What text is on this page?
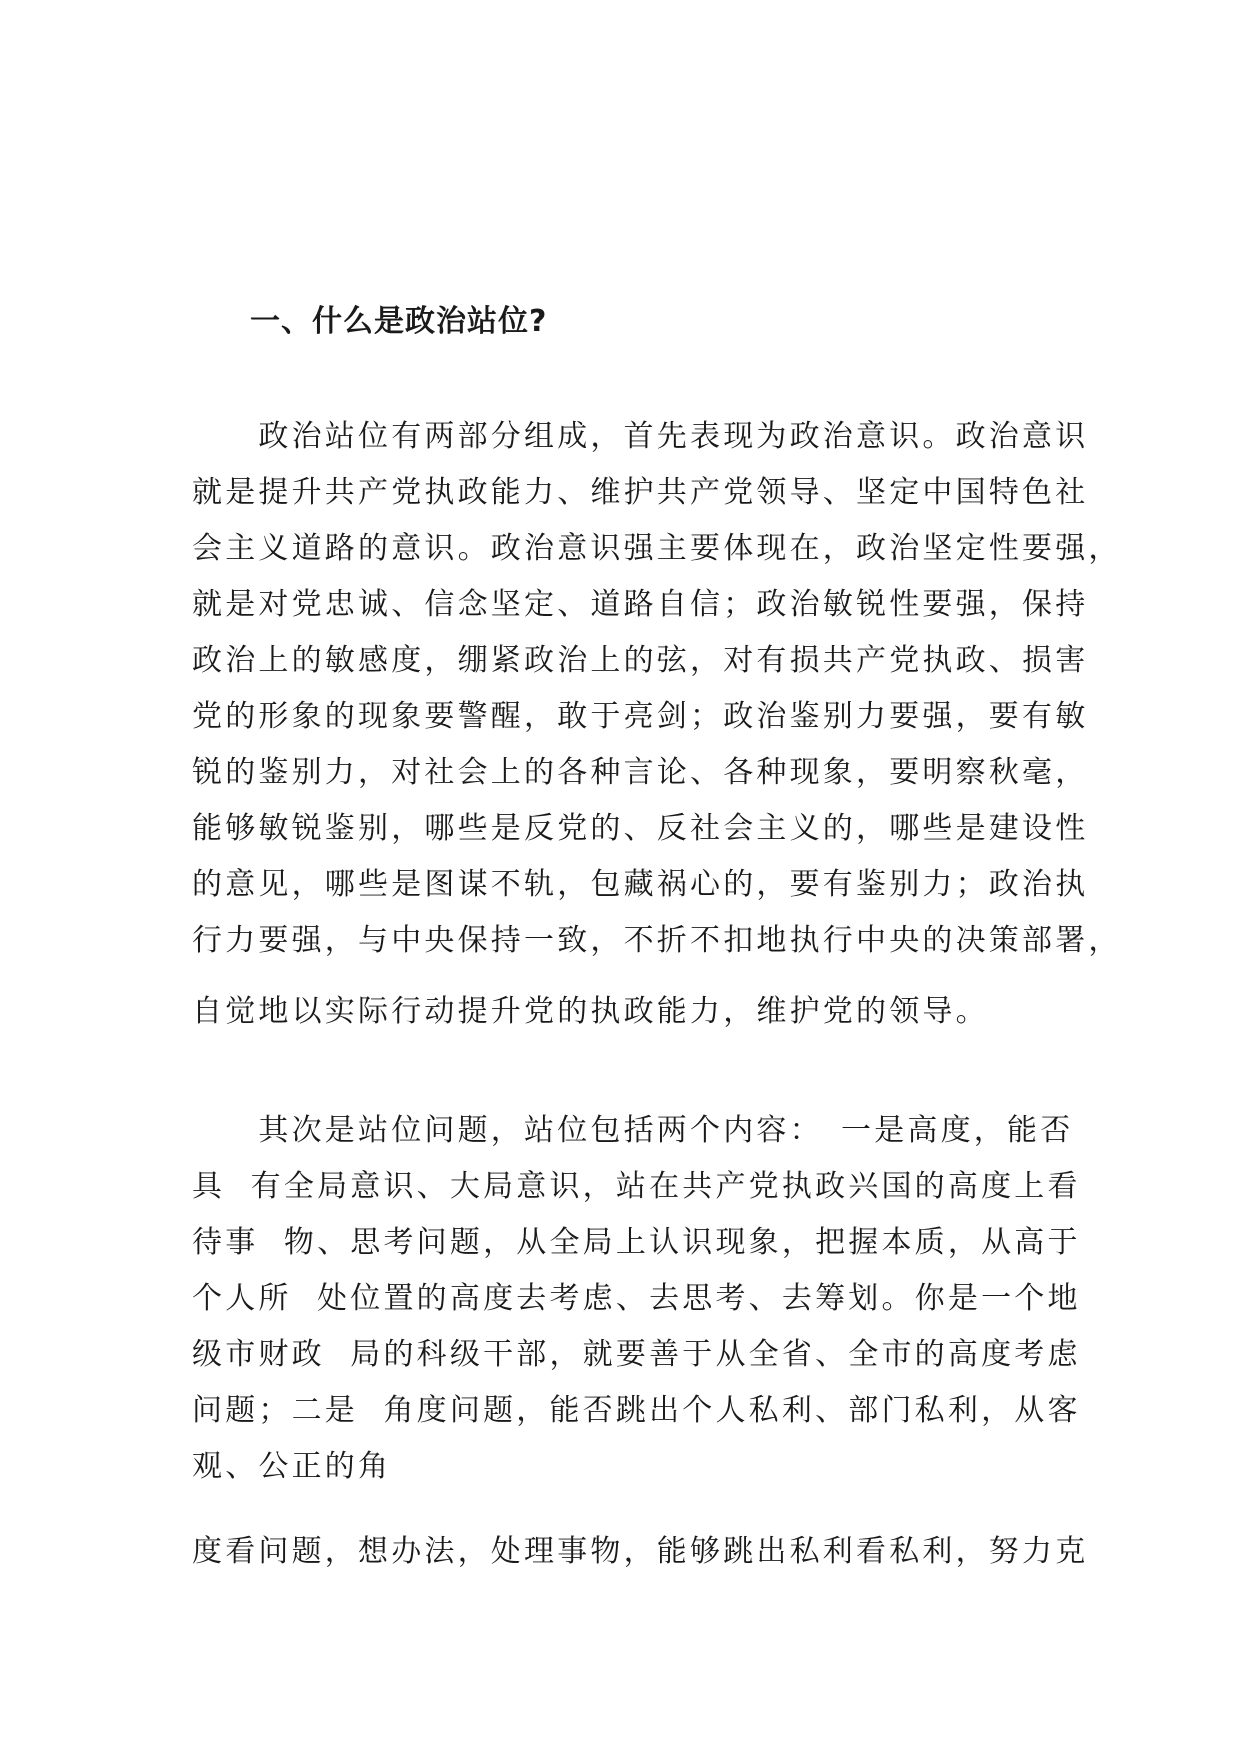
一、什么是政治站位?
　　政治站位有两部分组成，首先表现为政治意识。政治意识
就是提升共产党执政能力、维护共产党领导、坚定中国特色社
会主义道路的意识。政治意识强主要体现在，政治坚定性要强，
就是对党忠诚、信念坚定、道路自信；政治敏锐性要强，保持
政治上的敏感度，绷紧政治上的弦，对有损共产党执政、损害
党的形象的现象要警醒，敢于亮剑；政治鉴别力要强，要有敏
锐的鉴别力，对社会上的各种言论、各种现象，要明察秋毫，
能够敏锐鉴别，哪些是反党的、反社会主义的，哪些是建设性
的意见，哪些是图谋不轨，包藏祸心的，要有鉴别力；政治执
行力要强，与中央保持一致，不折不扣地执行中央的决策部署，
自觉地以实际行动提升党的执政能力，维护党的领导。
　　其次是站位问题，站位包括两个内容：　一是高度，能否
具  有全局意识、大局意识，站在共产党执政兴国的高度上看
待事  物、思考问题，从全局上认识现象，把握本质，从高于
个人所  处位置的高度去考虑、去思考、去筹划。你是一个地
级市财政  局的科级干部，就要善于从全省、全市的高度考虑
问题；二是  角度问题，能否跳出个人私利、部门私利，从客
观、公正的角
度看问题，想办法，处理事物，能够跳出私利看私利，努力克
